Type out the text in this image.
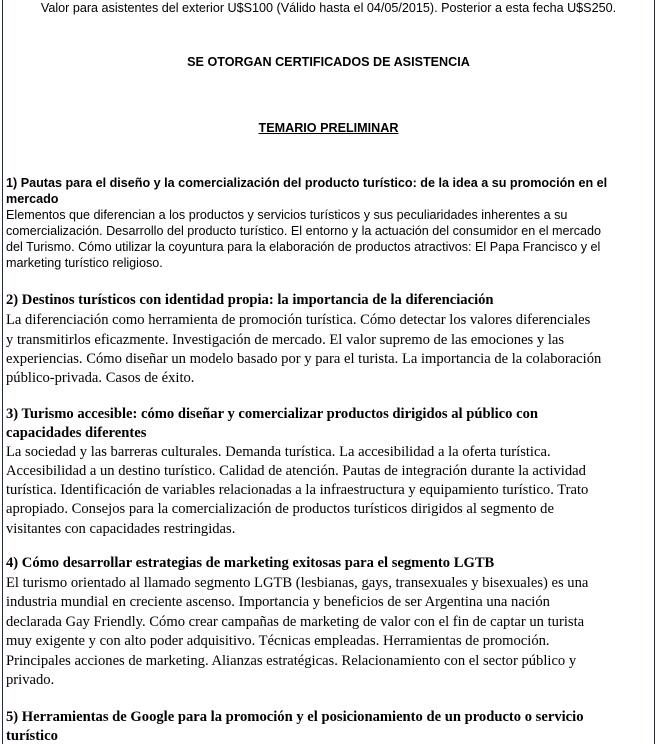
Valor para asistentes del exterior U$S100 (Válido hasta el 04/05/2015). Posterior a esta fecha U$S250.
SE OTORGAN CERTIFICADOS DE ASISTENCIA
TEMARIO PRELIMINAR
1) Pautas para el diseño y la comercialización del producto turístico: de la idea a su promoción en el
mercado
Elementos que diferencian a los productos y servicios turísticos y sus peculiaridades inherentes a su
comercialización. Desarrollo del producto turístico. El entorno y la actuación del consumidor en el mercado
del Turismo. Cómo utilizar la coyuntura para la elaboración de productos atractivos: El Papa Francisco y el
marketing turístico religioso.
2) Destinos turísticos con identidad propia: la importancia de la diferenciación
La diferenciación como herramienta de promoción turística. Cómo detectar los valores diferenciales
y transmitirlos eficazmente. Investigación de mercado. El valor supremo de las emociones y las
experiencias. Cómo diseñar un modelo basado por y para el turista. La importancia de la colaboración
público-privada. Casos de éxito.
3) Turismo accesible: cómo diseñar y comercializar productos dirigidos al público con
capacidades diferentes
La sociedad y las barreras culturales. Demanda turística. La accesibilidad a la oferta turística.
Accesibilidad a un destino turístico. Calidad de atención. Pautas de integración durante la actividad
turística. Identificación de variables relacionadas a la infraestructura y equipamiento turístico. Trato
apropiado. Consejos para la comercialización de productos turísticos dirigidos al segmento de
visitantes con capacidades restringidas.
4) Cómo desarrollar estrategias de marketing exitosas para el segmento LGTB
El turismo orientado al llamado segmento LGTB (lesbianas, gays, transexuales y bisexuales) es una
industria mundial en creciente ascenso. Importancia y beneficios de ser Argentina una nación
declarada Gay Friendly. Cómo crear campañas de marketing de valor con el fin de captar un turista
muy exigente y con alto poder adquisitivo. Técnicas empleadas. Herramientas de promoción.
Principales acciones de marketing. Alianzas estratégicas. Relacionamiento con el sector público y
privado.
5) Herramientas de Google para la promoción y el posicionamiento de un producto o servicio
turístico
